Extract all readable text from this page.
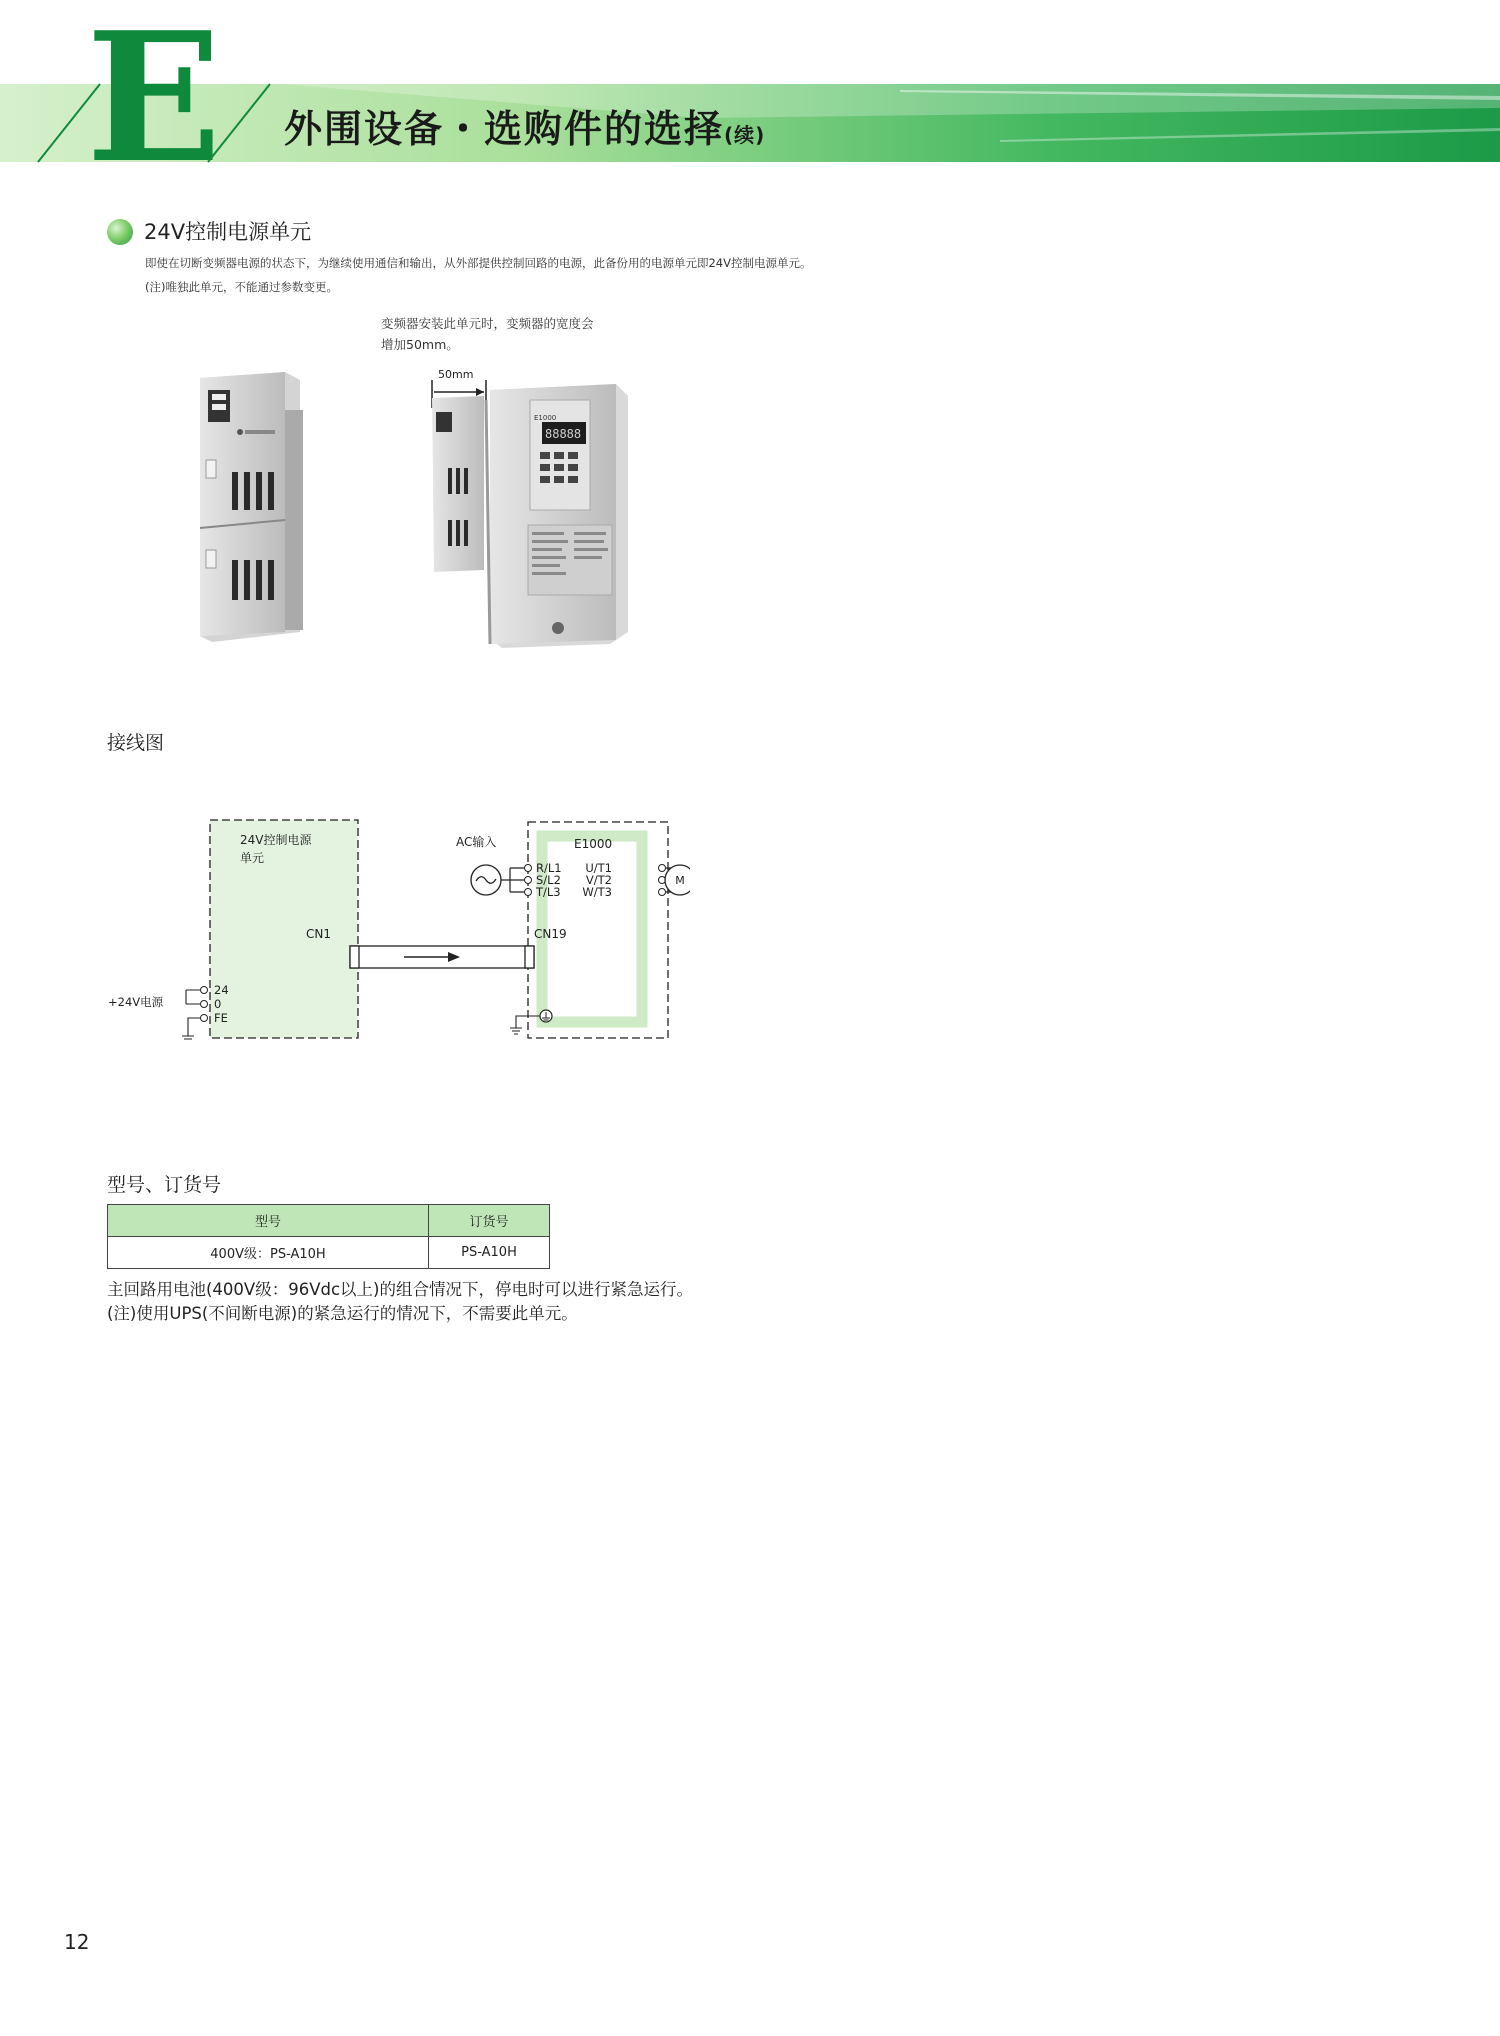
E 外围设备・选购件的选择(续)
24V控制电源单元
即使在切断变频器电源的状态下，为继续使用通信和输出，从外部提供控制回路的电源，此备份用的电源单元即24V控制电源单元。
(注)唯独此单元，不能通过参数变更。
变频器安装此单元时，变频器的宽度会
增加50mm。
50mm
E1000
88888
接线图
24V控制电源
单元
CN1
E1000
CN19
AC输入
R/L1
S/L2
T/L3
U/T1
V/T2
W/T3
M
+24V电源
24
0
FE
型号、订货号
型号	订货号
400V级：PS-A10H	PS-A10H
主回路用电池(400V级：96Vdc以上)的组合情况下，停电时可以进行紧急运行。
(注)使用UPS(不间断电源)的紧急运行的情况下，不需要此单元。
12
